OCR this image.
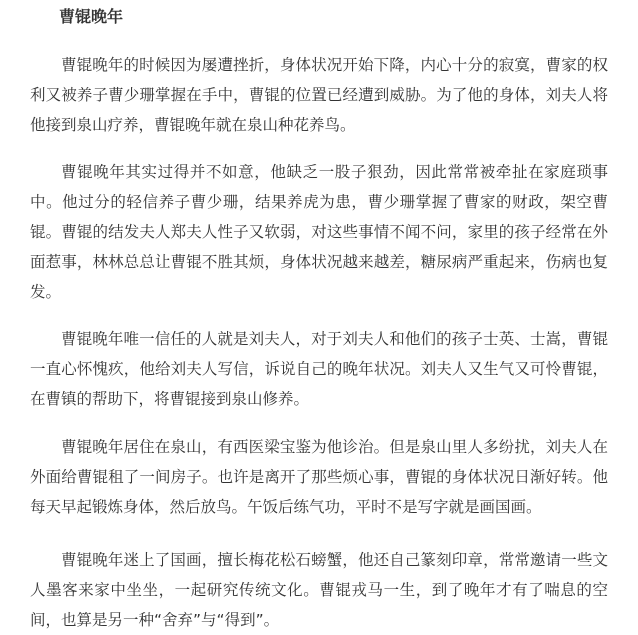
曹锟晚年

曹锟晚年的时候因为屡遭挫折，身体状况开始下降，内心十分的寂寞，曹家的权利又被养子曹少珊掌握在手中，曹锟的位置已经遭到威胁。为了他的身体，刘夫人将他接到泉山疗养，曹锟晚年就在泉山种花养鸟。

曹锟晚年其实过得并不如意，他缺乏一股子狠劲，因此常常被牵扯在家庭琐事中。他过分的轻信养子曹少珊，结果养虎为患，曹少珊掌握了曹家的财政，架空曹锟。曹锟的结发夫人郑夫人性子又软弱，对这些事情不闻不问，家里的孩子经常在外面惹事，林林总总让曹锟不胜其烦，身体状况越来越差，糖尿病严重起来，伤病也复发。

曹锟晚年唯一信任的人就是刘夫人，对于刘夫人和他们的孩子士英、士嵩，曹锟一直心怀愧疚，他给刘夫人写信，诉说自己的晚年状况。刘夫人又生气又可怜曹锟，在曹镇的帮助下，将曹锟接到泉山修养。

曹锟晚年居住在泉山，有西医梁宝鉴为他诊治。但是泉山里人多纷扰，刘夫人在外面给曹锟租了一间房子。也许是离开了那些烦心事，曹锟的身体状况日渐好转。他每天早起锻炼身体，然后放鸟。午饭后练气功，平时不是写字就是画国画。

曹锟晚年迷上了国画，擅长梅花松石螃蟹，他还自己篆刻印章，常常邀请一些文人墨客来家中坐坐，一起研究传统文化。曹锟戎马一生，到了晚年才有了喘息的空间，也算是另一种“舍弃”与“得到”。
